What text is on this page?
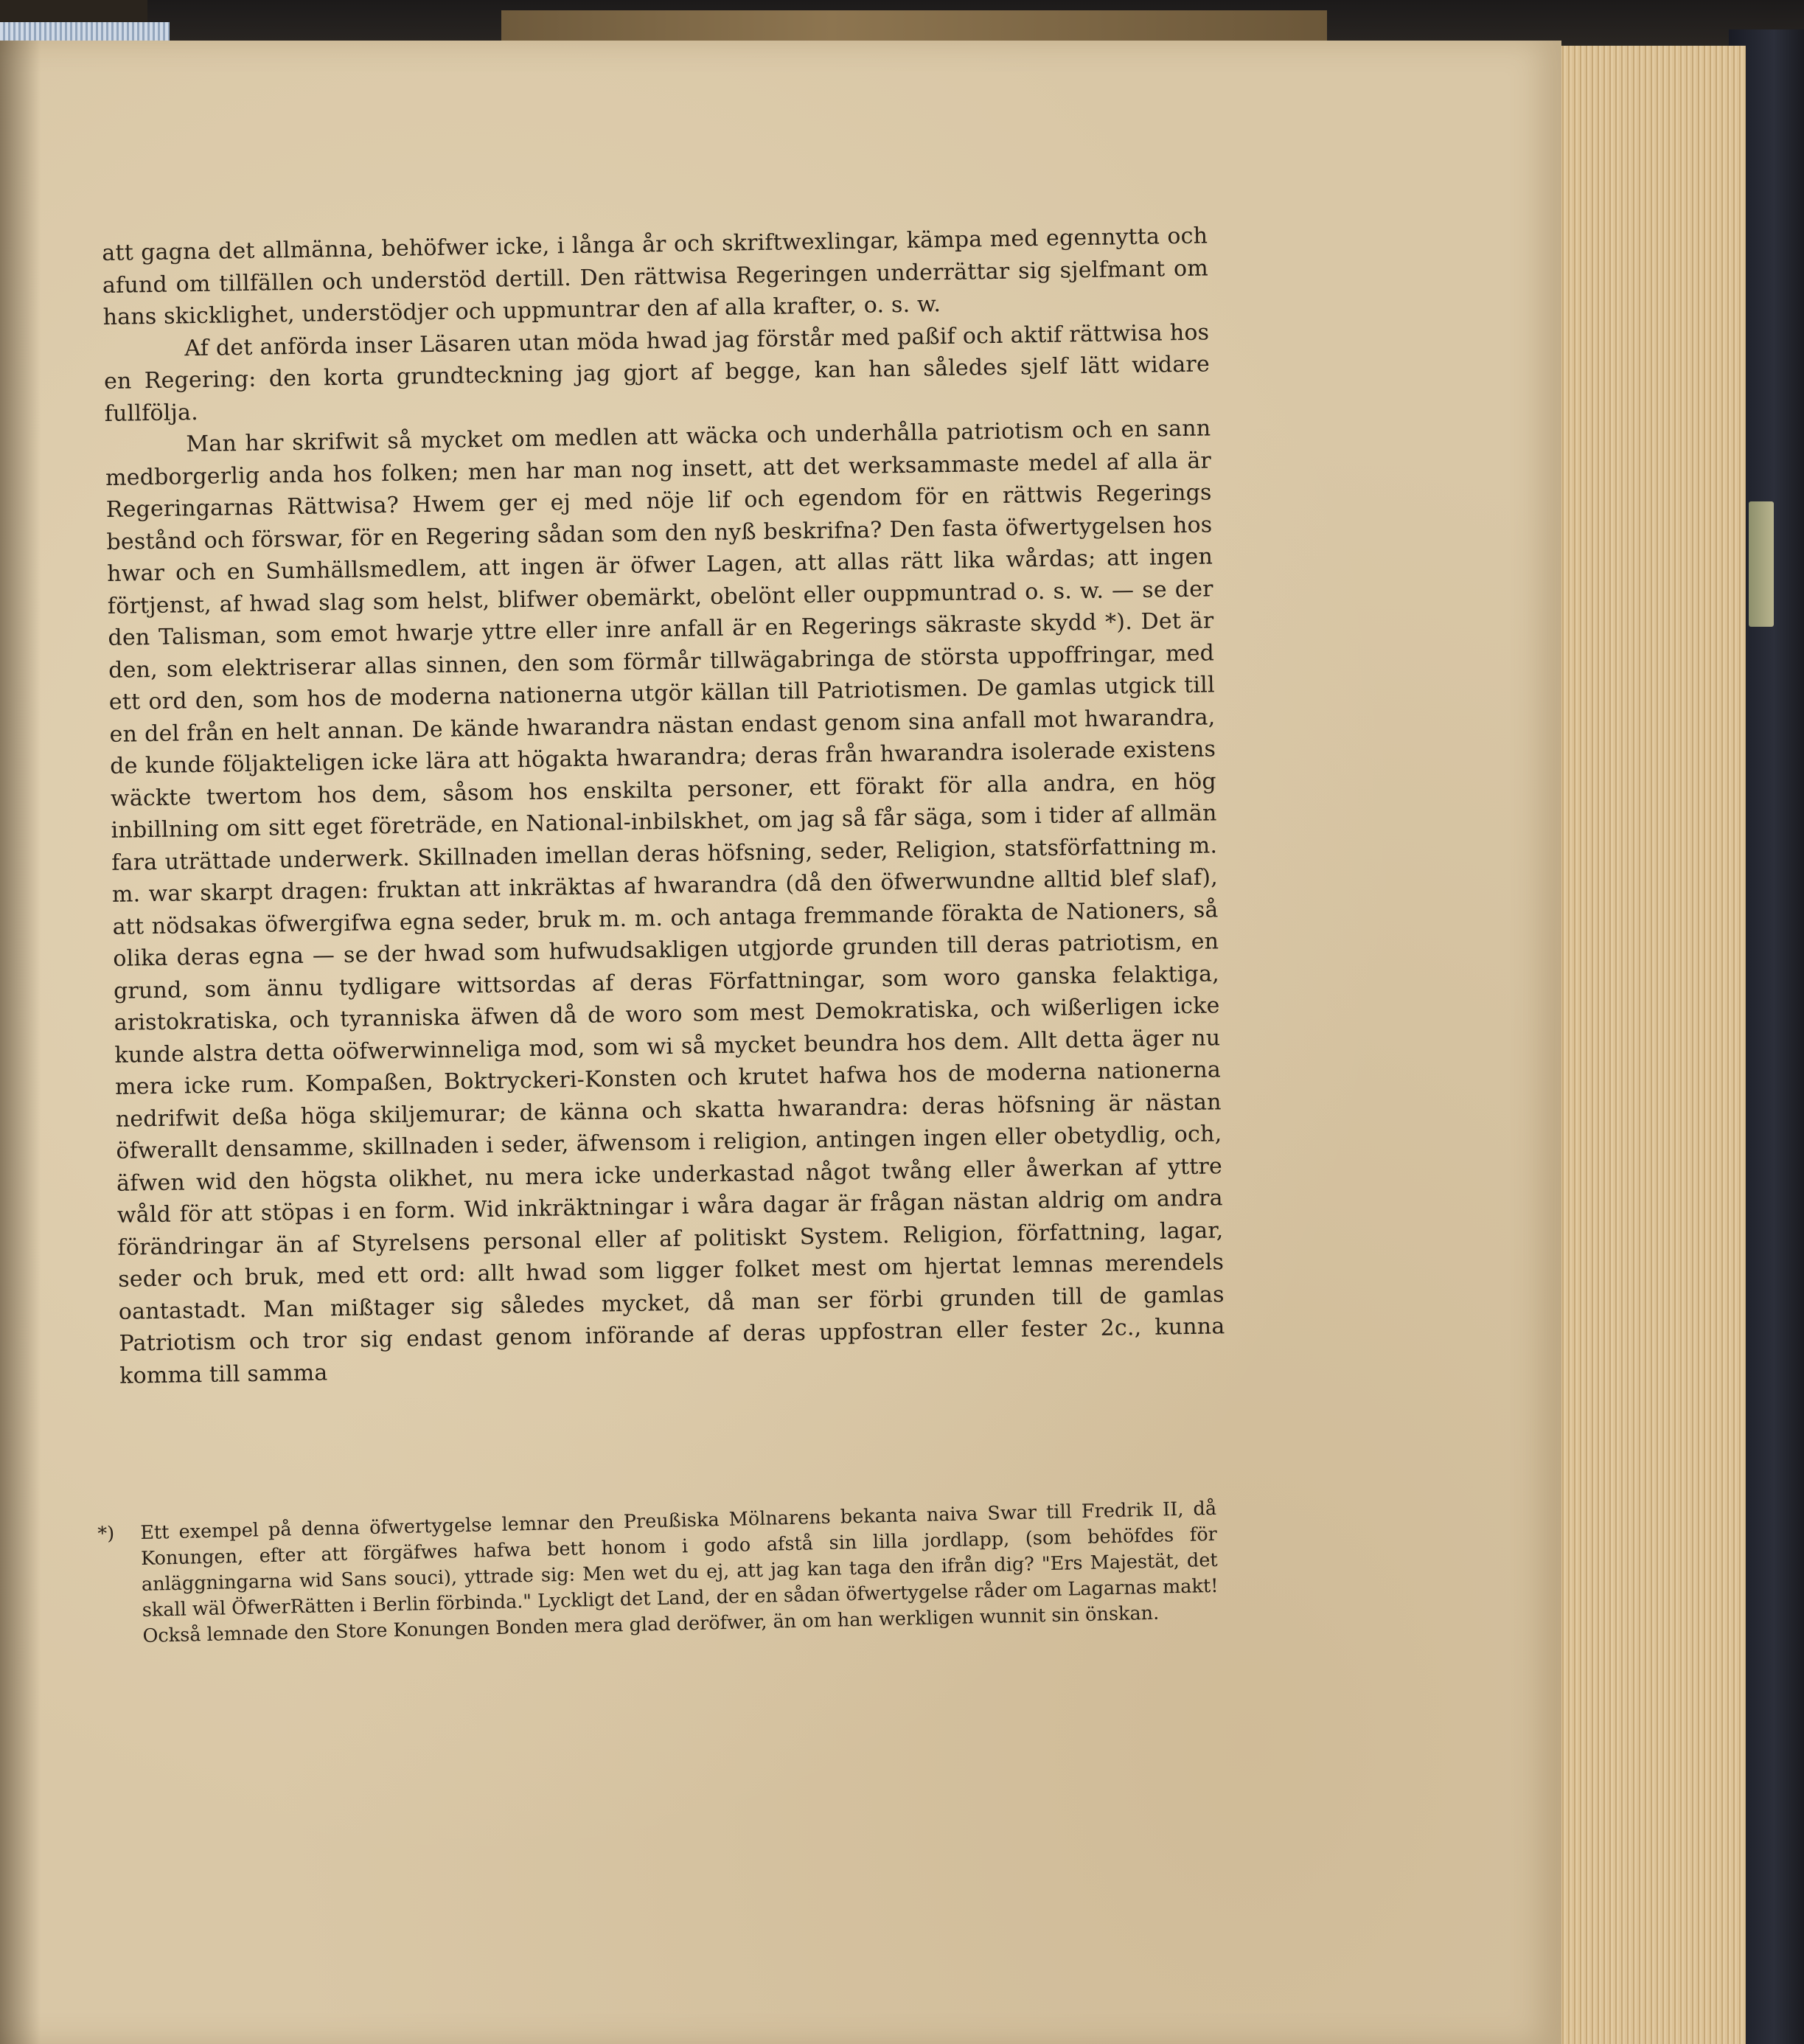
att gagna det allmänna, behöfwer icke, i långa år och skriftwexlingar, kämpa med egennytta och afund om tillfällen och understöd dertill. Den rättwisa Regeringen underrättar sig sjelfmant om hans skicklighet, understödjer och uppmuntrar den af alla krafter, o. s. w.

Af det anförda inser Läsaren utan möda hwad jag förstår med paßif och aktif rättwisa hos en Regering: den korta grundteckning jag gjort af begge, kan han således sjelf lätt widare fullfölja.

Man har skrifwit så mycket om medlen att wäcka och underhålla patriotism och en sann medborgerlig anda hos folken; men har man nog insett, att det werksammaste medel af alla är Regeringarnas Rättwisa? Hwem ger ej med nöje lif och egendom för en rättwis Regerings bestånd och förswar, för en Regering sådan som den nyß beskrifna? Den fasta öfwertygelsen hos hwar och en Sumhällsmedlem, att ingen är öfwer Lagen, att allas rätt lika wårdas; att ingen förtjenst, af hwad slag som helst, blifwer obemärkt, obelönt eller ouppmuntrad o. s. w. — se der den Talisman, som emot hwarje yttre eller inre anfall är en Regerings säkraste skydd *). Det är den, som elektriserar allas sinnen, den som förmår tillwägabringa de största uppoffringar, med ett ord den, som hos de moderna nationerna utgör källan till Patriotismen. De gamlas utgick till en del från en helt annan. De kände hwarandra nästan endast genom sina anfall mot hwarandra, de kunde följakteligen icke lära att högakta hwarandra; deras från hwarandra isolerade existens wäckte twertom hos dem, såsom hos enskilta personer, ett förakt för alla andra, en hög inbillning om sitt eget företräde, en National-inbilskhet, om jag så får säga, som i tider af allmän fara uträttade underwerk. Skillnaden imellan deras höfsning, seder, Religion, statsförfattning m. m. war skarpt dragen: fruktan att inkräktas af hwarandra (då den öfwerwundne alltid blef slaf), att nödsakas öfwergifwa egna seder, bruk m. m. och antaga fremmande förakta de Nationers, så olika deras egna — se der hwad som hufwudsakligen utgjorde grunden till deras patriotism, en grund, som ännu tydligare wittsordas af deras Författningar, som woro ganska felaktiga, aristokratiska, och tyranniska äfwen då de woro som mest Demokratiska, och wißerligen icke kunde alstra detta oöfwerwinneliga mod, som wi så mycket beundra hos dem. Allt detta äger nu mera icke rum. Kompaßen, Boktryckeri-Konsten och krutet hafwa hos de moderna nationerna nedrifwit deßa höga skiljemurar; de känna och skatta hwarandra: deras höfsning är nästan öfwerallt densamme, skillnaden i seder, äfwensom i religion, antingen ingen eller obetydlig, och, äfwen wid den högsta olikhet, nu mera icke underkastad något twång eller åwerkan af yttre wåld för att stöpas i en form. Wid inkräktningar i wåra dagar är frågan nästan aldrig om andra förändringar än af Styrelsens personal eller af politiskt System. Religion, författning, lagar, seder och bruk, med ett ord: allt hwad som ligger folket mest om hjertat lemnas merendels oantastadt. Man mißtager sig således mycket, då man ser förbi grunden till de gamlas Patriotism och tror sig endast genom införande af deras uppfostran eller fester 2c., kunna komma till samma

*) Ett exempel på denna öfwertygelse lemnar den Preußiska Mölnarens bekanta naiva Swar till Fredrik II, då Konungen, efter att förgäfwes hafwa bett honom i godo afstå sin lilla jordlapp, (som behöfdes för anläggningarna wid Sans souci), yttrade sig: Men wet du ej, att jag kan taga den ifrån dig? "Ers Majestät, det skall wäl ÖfwerRätten i Berlin förbinda." Lyckligt det Land, der en sådan öfwertygelse råder om Lagarnas makt! Också lemnade den Store Konungen Bonden mera glad deröfwer, än om han werkligen wunnit sin önskan.
